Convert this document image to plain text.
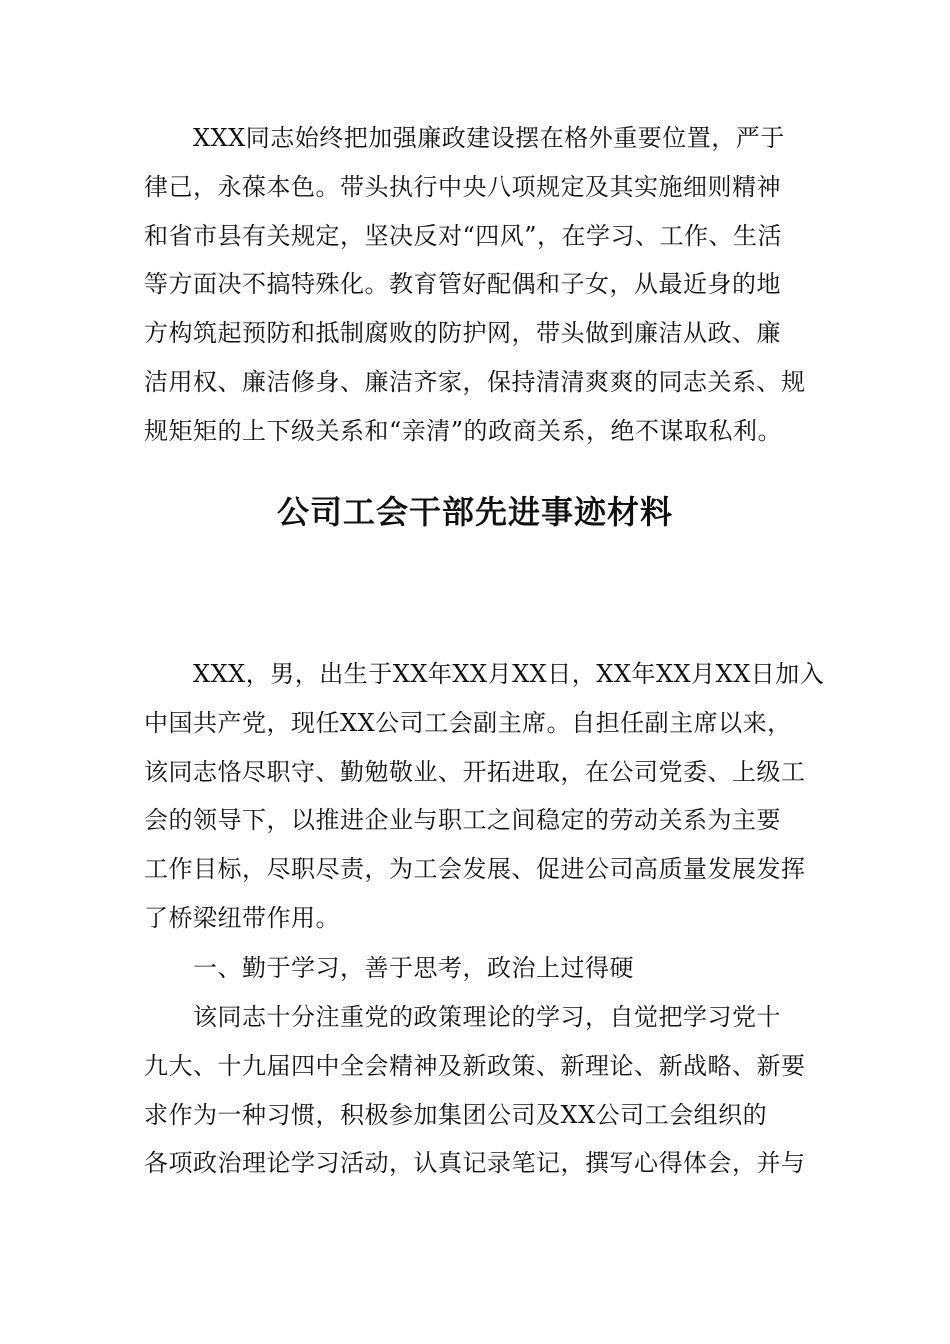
XXX同志始终把加强廉政建设摆在格外重要位置，严于
律己，永葆本色。带头执行中央八项规定及其实施细则精神
和省市县有关规定，坚决反对“四风”，在学习、工作、生活
等方面决不搞特殊化。教育管好配偶和子女，从最近身的地
方构筑起预防和抵制腐败的防护网，带头做到廉洁从政、廉
洁用权、廉洁修身、廉洁齐家，保持清清爽爽的同志关系、规
规矩矩的上下级关系和“亲清”的政商关系，绝不谋取私利。
公司工会干部先进事迹材料
XXX，男，出生于XX年XX月XX日，XX年XX月XX日加入
中国共产党，现任XX公司工会副主席。自担任副主席以来，
该同志恪尽职守、勤勉敬业、开拓进取，在公司党委、上级工
会的领导下，以推进企业与职工之间稳定的劳动关系为主要
工作目标，尽职尽责，为工会发展、促进公司高质量发展发挥
了桥梁纽带作用。
一、勤于学习，善于思考，政治上过得硬
该同志十分注重党的政策理论的学习，自觉把学习党十
九大、十九届四中全会精神及新政策、新理论、新战略、新要
求作为一种习惯，积极参加集团公司及XX公司工会组织的
各项政治理论学习活动，认真记录笔记，撰写心得体会，并与
